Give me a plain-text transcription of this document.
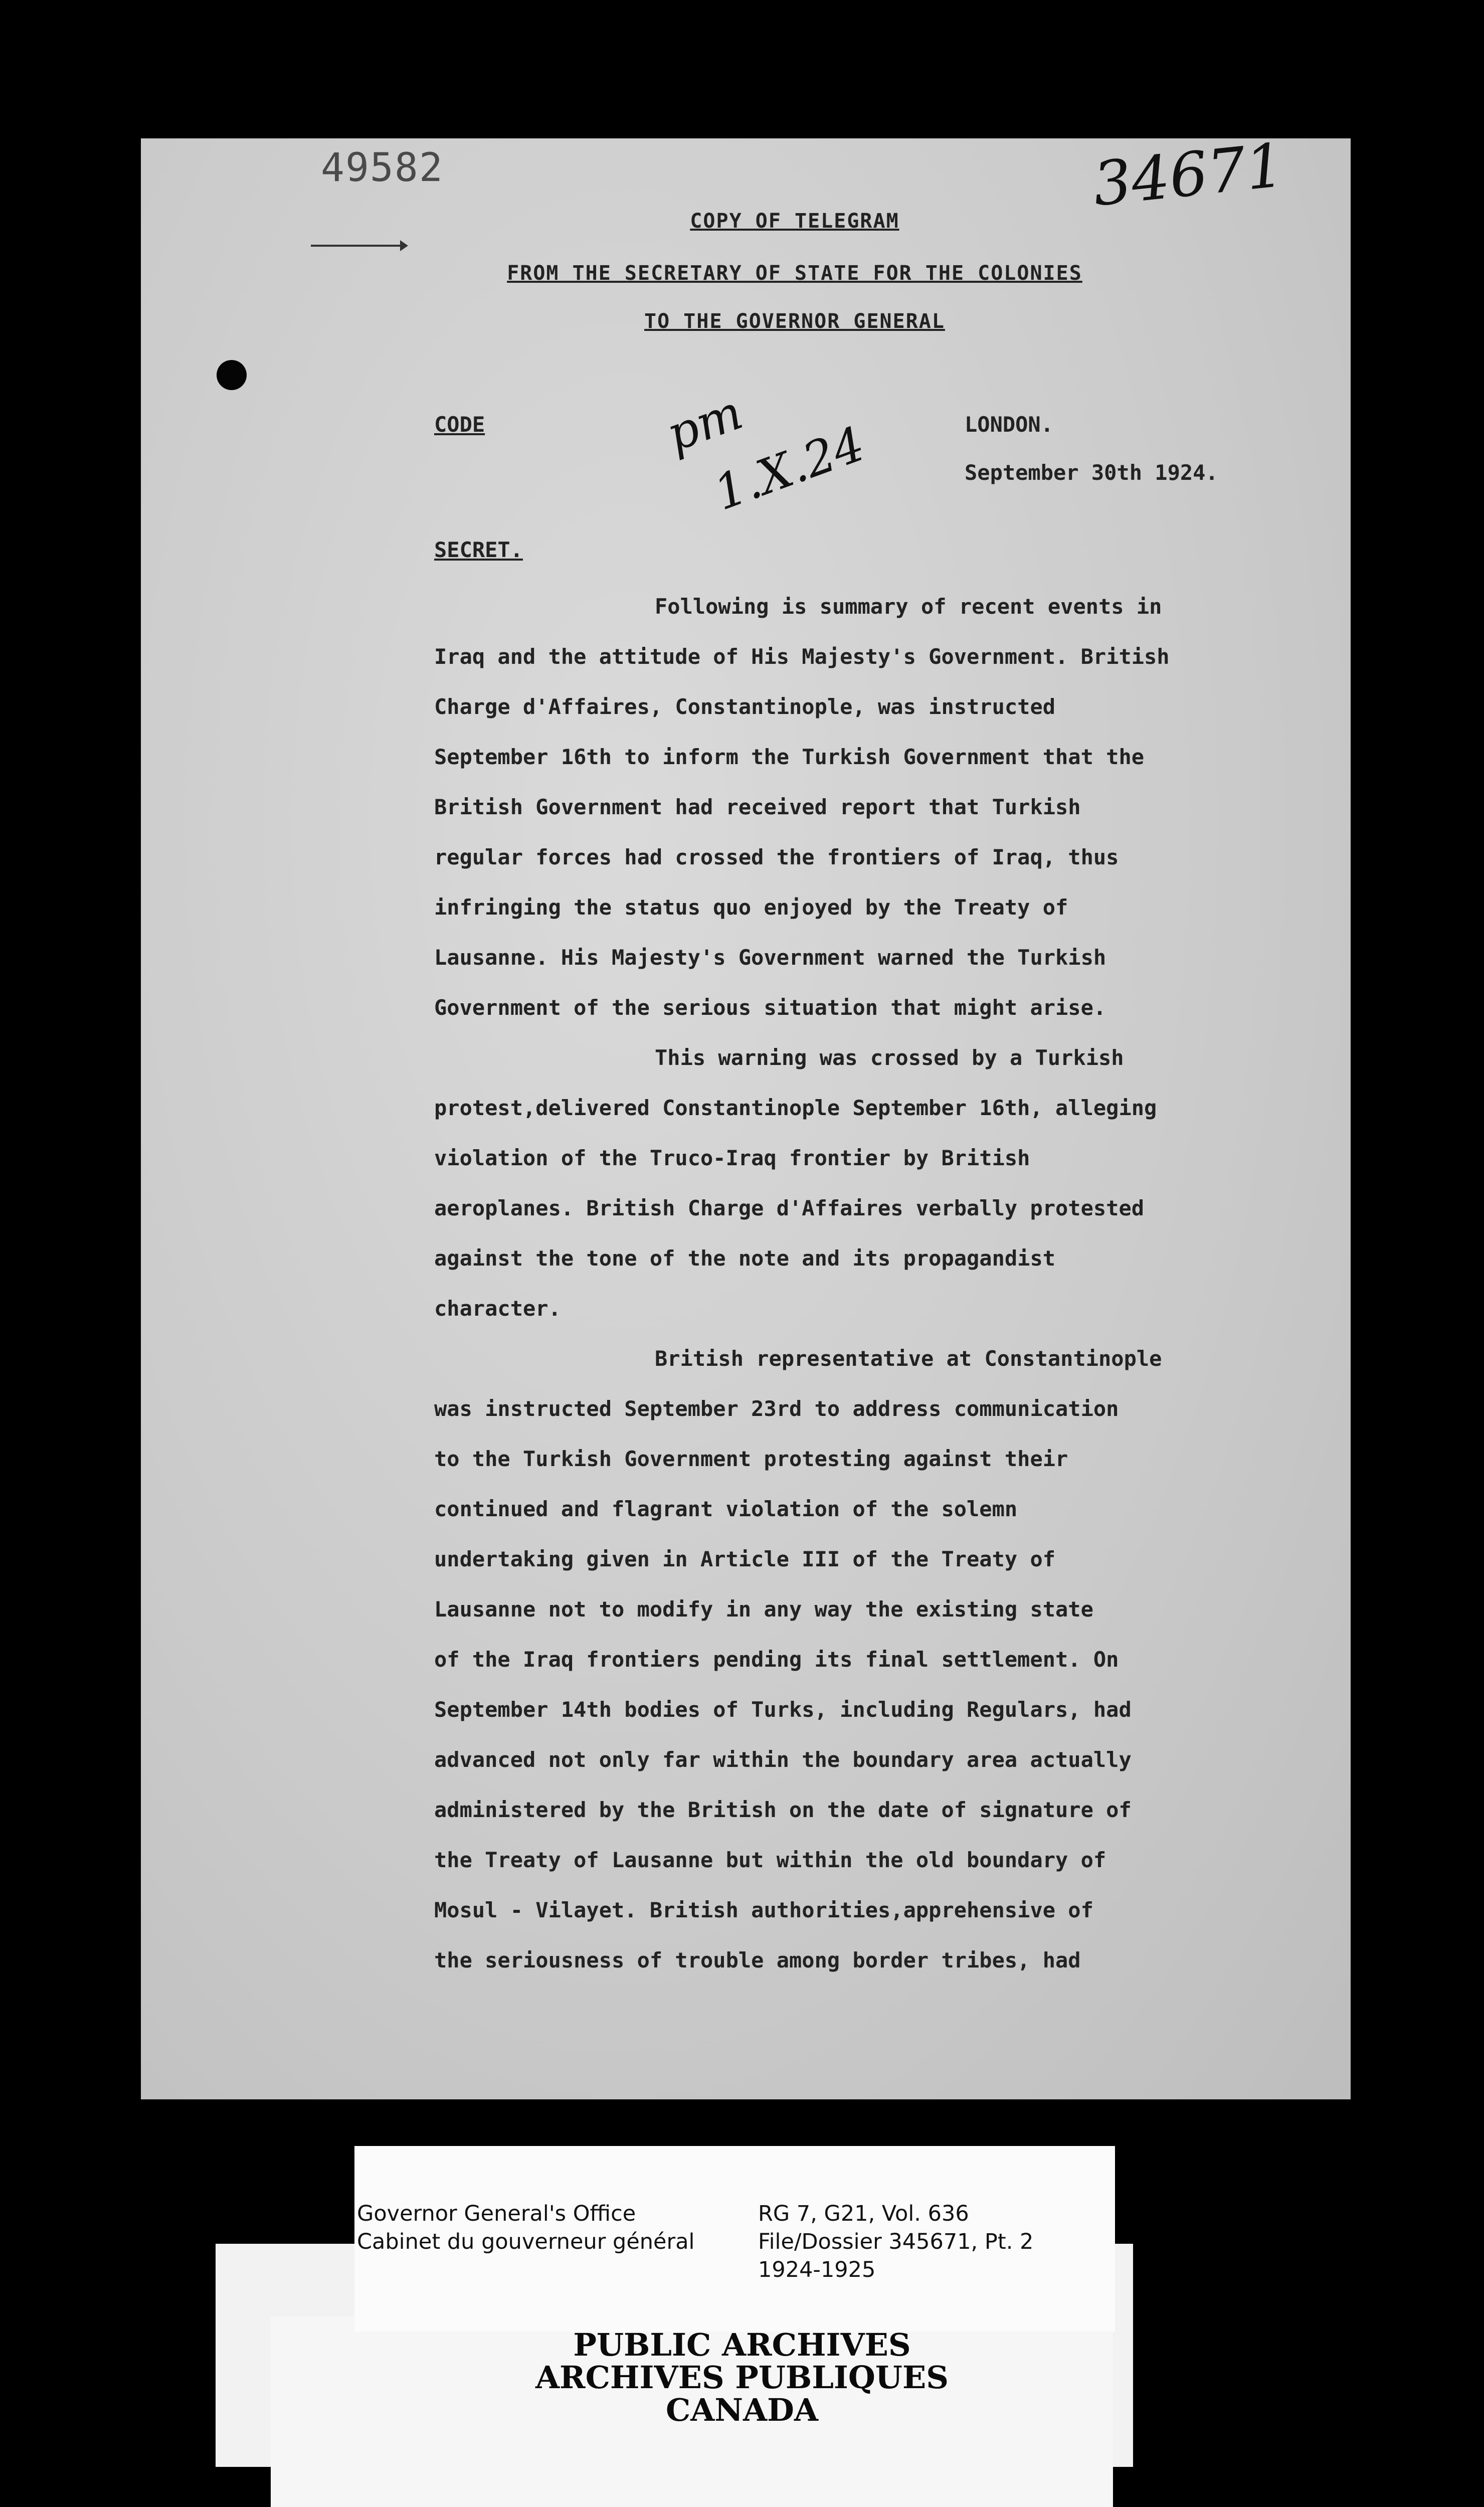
49582	34671
COPY OF TELEGRAM
FROM THE SECRETARY OF STATE FOR THE COLONIES
TO THE GOVERNOR GENERAL
CODE	pm
1.X.24	LONDON.
September 30th 1924.
SECRET.
Following is summary of recent events in
Iraq and the attitude of His Majesty's Government. British
Charge d'Affaires, Constantinople, was instructed
September 16th to inform the Turkish Government that the
British Government had received report that Turkish
regular forces had crossed the frontiers of Iraq, thus
infringing the status quo enjoyed by the Treaty of
Lausanne. His Majesty's Government warned the Turkish
Government of the serious situation that might arise.
This warning was crossed by a Turkish
protest,delivered Constantinople September 16th, alleging
violation of the Truco-Iraq frontier by British
aeroplanes. British Charge d'Affaires verbally protested
against the tone of the note and its propagandist
character.
British representative at Constantinople
was instructed September 23rd to address communication
to the Turkish Government protesting against their
continued and flagrant violation of the solemn
undertaking given in Article III of the Treaty of
Lausanne not to modify in any way the existing state
of the Iraq frontiers pending its final settlement. On
September 14th bodies of Turks, including Regulars, had
advanced not only far within the boundary area actually
administered by the British on the date of signature of
the Treaty of Lausanne but within the old boundary of
Mosul - Vilayet. British authorities,apprehensive of
the seriousness of trouble among border tribes, had
Governor General's Office
Cabinet du gouverneur général
RG 7, G21, Vol. 636
File/Dossier 345671, Pt. 2
1924-1925
PUBLIC ARCHIVES
ARCHIVES PUBLIQUES
CANADA
